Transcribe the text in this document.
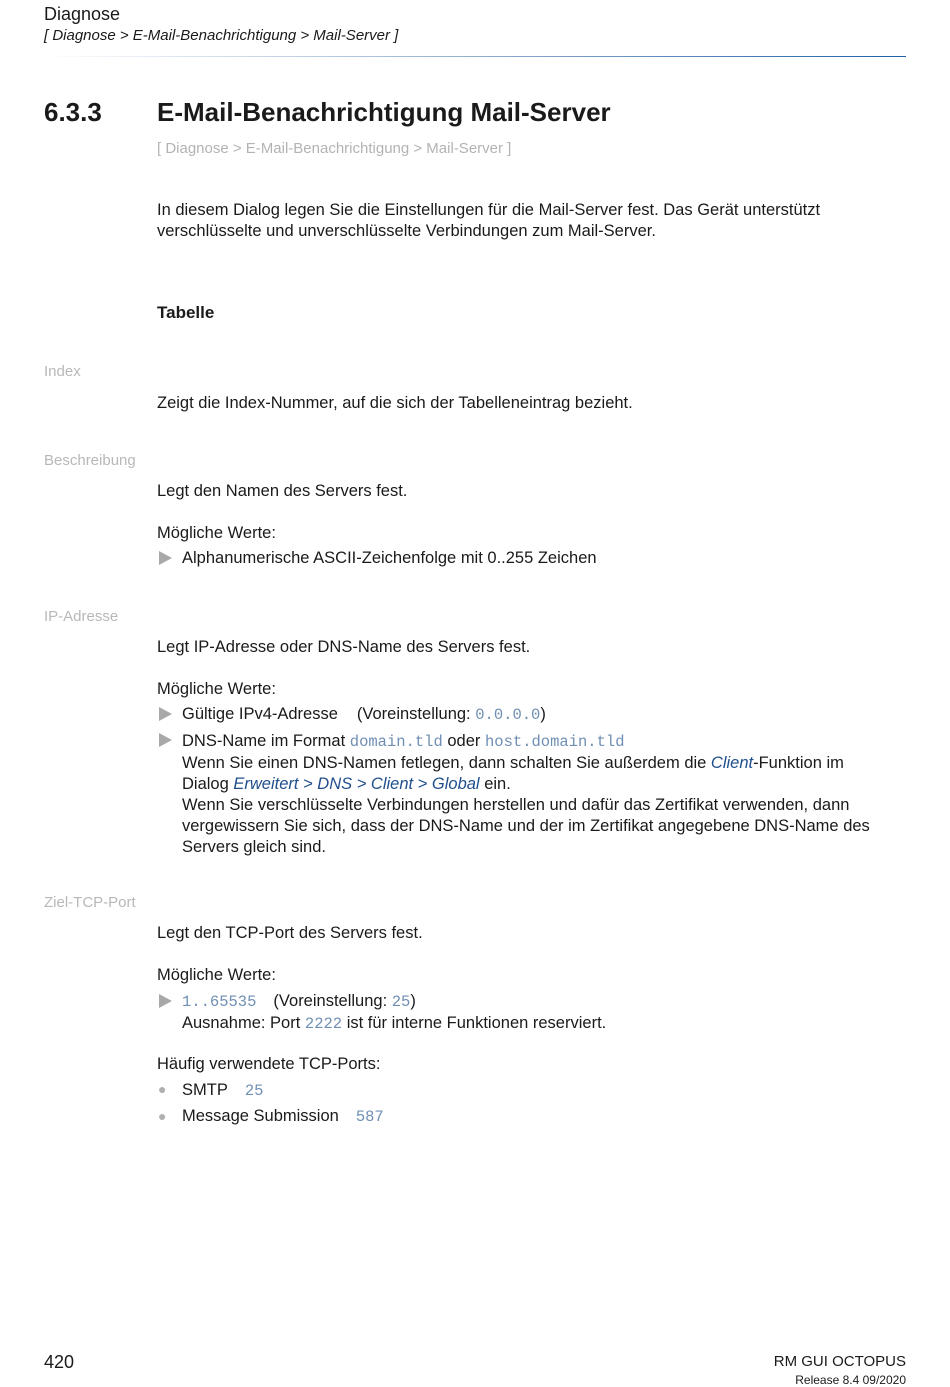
Diagnose
[ Diagnose > E-Mail-Benachrichtigung > Mail-Server ]
6.3.3 E-Mail-Benachrichtigung Mail-Server
[ Diagnose > E-Mail-Benachrichtigung > Mail-Server ]
In diesem Dialog legen Sie die Einstellungen für die Mail-Server fest. Das Gerät unterstützt verschlüsselte und unverschlüsselte Verbindungen zum Mail-Server.
Tabelle
Index
Zeigt die Index-Nummer, auf die sich der Tabelleneintrag bezieht.
Beschreibung
Legt den Namen des Servers fest.
Mögliche Werte:
Alphanumerische ASCII-Zeichenfolge mit 0..255 Zeichen
IP-Adresse
Legt IP-Adresse oder DNS-Name des Servers fest.
Mögliche Werte:
Gültige IPv4-Adresse (Voreinstellung: 0.0.0.0)
DNS-Name im Format domain.tld oder host.domain.tld
Wenn Sie einen DNS-Namen fetlegen, dann schalten Sie außerdem die Client-Funktion im
Dialog Erweitert > DNS > Client > Global ein.
Wenn Sie verschlüsselte Verbindungen herstellen und dafür das Zertifikat verwenden, dann vergewissern Sie sich, dass der DNS-Name und der im Zertifikat angegebene DNS-Name des Servers gleich sind.
Ziel-TCP-Port
Legt den TCP-Port des Servers fest.
Mögliche Werte:
1..65535 (Voreinstellung: 25)
Ausnahme: Port 2222 ist für interne Funktionen reserviert.
Häufig verwendete TCP-Ports:
● SMTP 25
● Message Submission 587
420	RM GUI OCTOPUS
Release 8.4 09/2020
